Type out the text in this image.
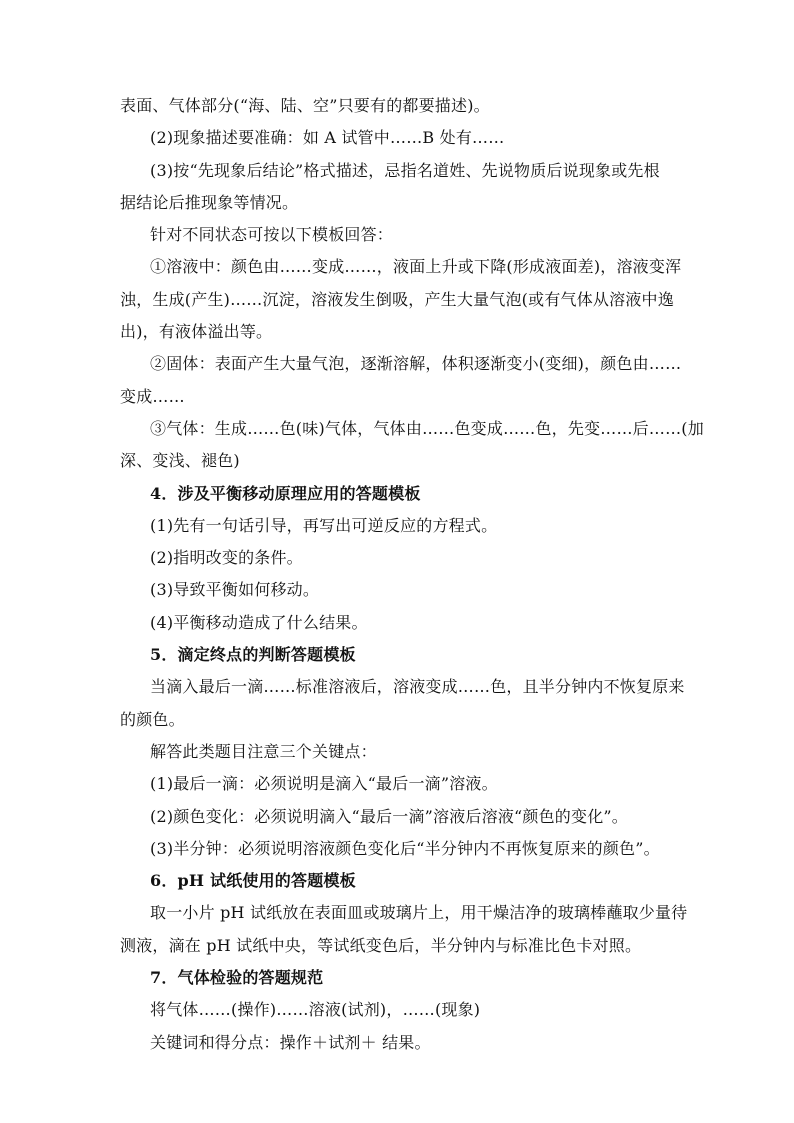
表面、气体部分(“海、陆、空”只要有的都要描述)。
(2)现象描述要准确：如 A 试管中……B 处有……
(3)按“先现象后结论”格式描述，忌指名道姓、先说物质后说现象或先根
据结论后推现象等情况。
针对不同状态可按以下模板回答：
①溶液中：颜色由……变成……，液面上升或下降(形成液面差)，溶液变浑
浊，生成(产生)……沉淀，溶液发生倒吸，产生大量气泡(或有气体从溶液中逸
出)，有液体溢出等。
②固体：表面产生大量气泡，逐渐溶解，体积逐渐变小(变细)，颜色由……
变成……
③气体：生成……色(味)气体，气体由……色变成……色，先变……后……(加
深、变浅、褪色)
4．涉及平衡移动原理应用的答题模板
(1)先有一句话引导，再写出可逆反应的方程式。
(2)指明改变的条件。
(3)导致平衡如何移动。
(4)平衡移动造成了什么结果。
5．滴定终点的判断答题模板
当滴入最后一滴……标准溶液后，溶液变成……色，且半分钟内不恢复原来
的颜色。
解答此类题目注意三个关键点：
(1)最后一滴：必须说明是滴入“最后一滴”溶液。
(2)颜色变化：必须说明滴入“最后一滴”溶液后溶液“颜色的变化”。
(3)半分钟：必须说明溶液颜色变化后“半分钟内不再恢复原来的颜色”。
6．pH 试纸使用的答题模板
取一小片 pH 试纸放在表面皿或玻璃片上，用干燥洁净的玻璃棒蘸取少量待
测液，滴在 pH 试纸中央，等试纸变色后，半分钟内与标准比色卡对照。
7．气体检验的答题规范
将气体……(操作)……溶液(试剂)，……(现象)
关键词和得分点：操作＋试剂＋ 结果。
